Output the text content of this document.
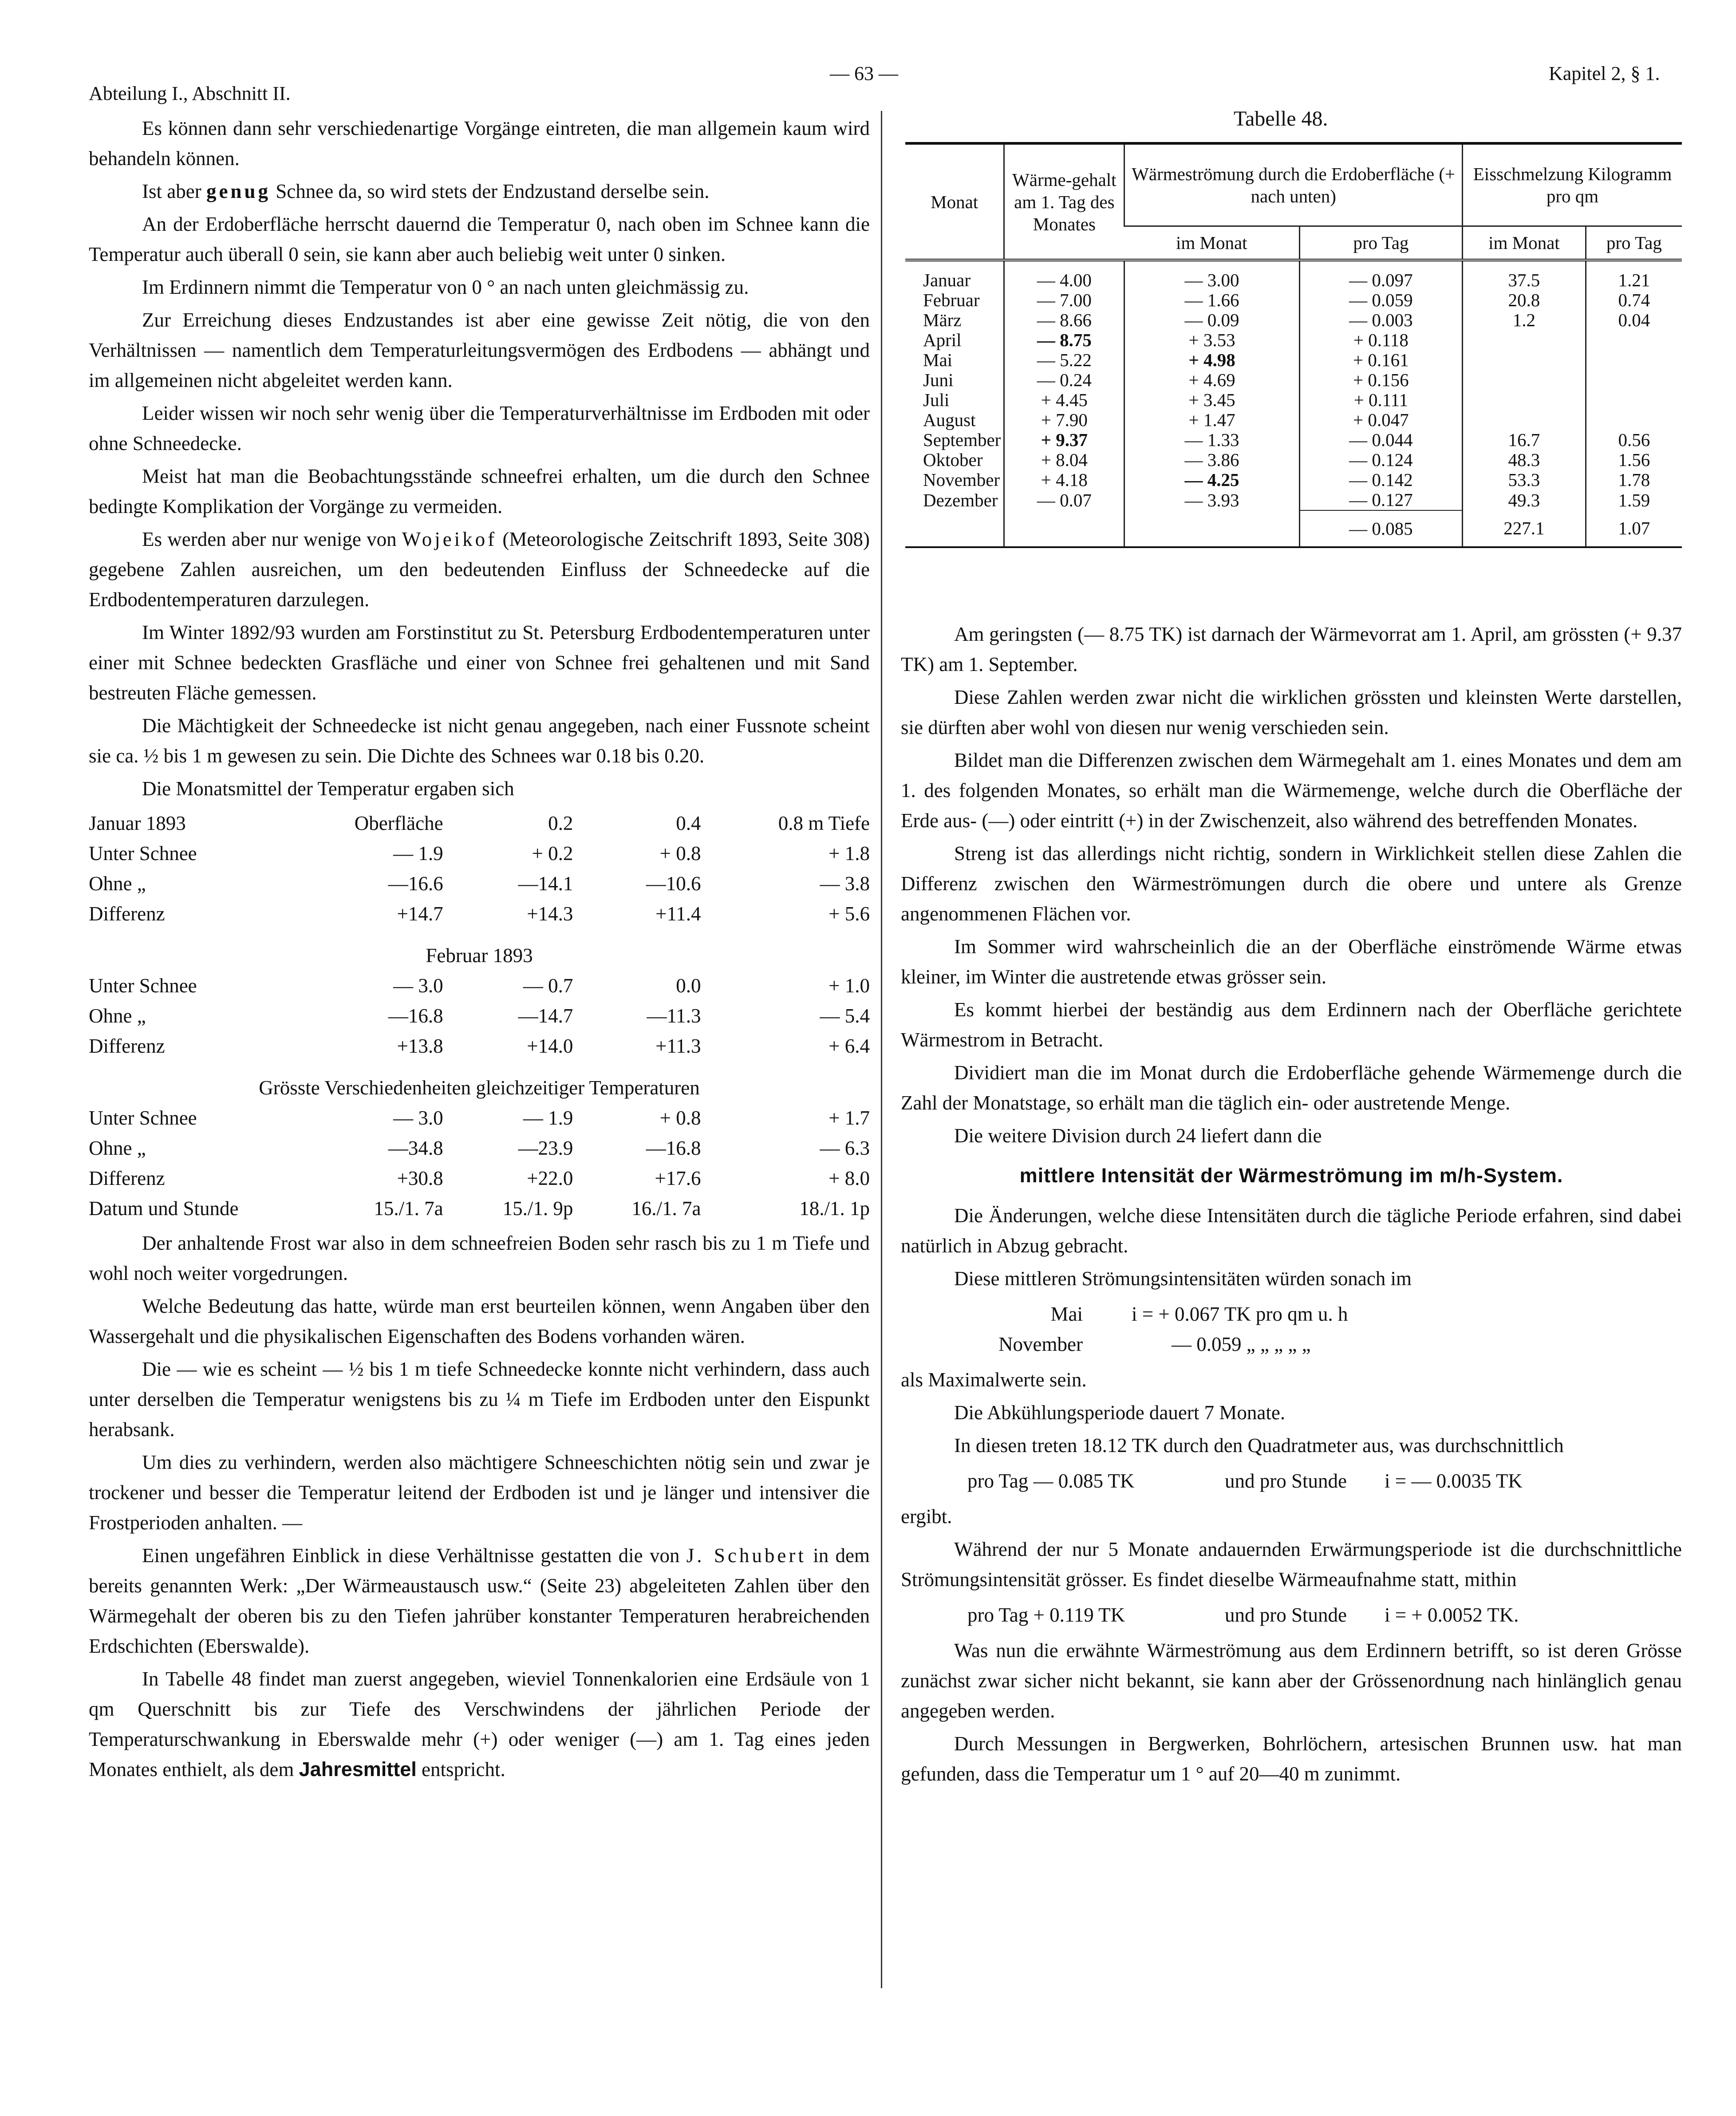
Abteilung I., Abschnitt II.
— 63 —	Kapitel 2, § 1.

Es können dann sehr verschiedenartige Vorgänge eintreten, die man allgemein kaum wird behandeln können.

Ist aber genug Schnee da, so wird stets der Endzustand derselbe sein.

An der Erdoberfläche herrscht dauernd die Temperatur 0, nach oben im Schnee kann die Temperatur auch überall 0 sein, sie kann aber auch beliebig weit unter 0 sinken.

Im Erdinnern nimmt die Temperatur von 0 ° an nach unten gleichmässig zu.

Zur Erreichung dieses Endzustandes ist aber eine gewisse Zeit nötig, die von den Verhältnissen — namentlich dem Temperaturleitungsvermögen des Erdbodens — abhängt und im allgemeinen nicht abgeleitet werden kann.

Leider wissen wir noch sehr wenig über die Temperaturverhältnisse im Erdboden mit oder ohne Schneedecke.

Meist hat man die Beobachtungsstände schneefrei erhalten, um die durch den Schnee bedingte Komplikation der Vorgänge zu vermeiden.

Es werden aber nur wenige von Wojeikof (Meteorologische Zeitschrift 1893, Seite 308) gegebene Zahlen ausreichen, um den bedeutenden Einfluss der Schneedecke auf die Erdbodentemperaturen darzulegen.

Im Winter 1892/93 wurden am Forstinstitut zu St. Petersburg Erdbodentemperaturen unter einer mit Schnee bedeckten Grasfläche und einer von Schnee frei gehaltenen und mit Sand bestreuten Fläche gemessen.

Die Mächtigkeit der Schneedecke ist nicht genau angegeben, nach einer Fussnote scheint sie ca. ½ bis 1 m gewesen zu sein. Die Dichte des Schnees war 0.18 bis 0.20.

Die Monatsmittel der Temperatur ergaben sich

Januar 1893	Oberfläche	0.2	0.4	0.8 m Tiefe
Unter Schnee	— 1.9	+ 0.2	+ 0.8	+ 1.8
Ohne „	—16.6	—14.1	—10.6	— 3.8
Differenz	+14.7	+14.3	+11.4	+ 5.6
Februar 1893				
Unter Schnee	— 3.0	— 0.7	0.0	+ 1.0
Ohne „	—16.8	—14.7	—11.3	— 5.4
Differenz	+13.8	+14.0	+11.3	+ 6.4
Grösste Verschiedenheiten gleichzeitiger Temperaturen				
Unter Schnee	— 3.0	— 1.9	+ 0.8	+ 1.7
Ohne „	—34.8	—23.9	—16.8	— 6.3
Differenz	+30.8	+22.0	+17.6	+ 8.0
Datum und Stunde	15./1. 7a	15./1. 9p	16./1. 7a	18./1. 1p

Der anhaltende Frost war also in dem schneefreien Boden sehr rasch bis zu 1 m Tiefe und wohl noch weiter vorgedrungen.

Welche Bedeutung das hatte, würde man erst beurteilen können, wenn Angaben über den Wassergehalt und die physikalischen Eigenschaften des Bodens vorhanden wären.

Die — wie es scheint — ½ bis 1 m tiefe Schneedecke konnte nicht verhindern, dass auch unter derselben die Temperatur wenigstens bis zu ¼ m Tiefe im Erdboden unter den Eispunkt herabsank.

Um dies zu verhindern, werden also mächtigere Schneeschichten nötig sein und zwar je trockener und besser die Temperatur leitend der Erdboden ist und je länger und intensiver die Frostperioden anhalten. —

Einen ungefähren Einblick in diese Verhältnisse gestatten die von J. Schubert in dem bereits genannten Werk: „Der Wärmeaustausch usw.“ (Seite 23) abgeleiteten Zahlen über den Wärmegehalt der oberen bis zu den Tiefen jahrüber konstanter Temperaturen herabreichenden Erdschichten (Eberswalde).

In Tabelle 48 findet man zuerst angegeben, wieviel Tonnenkalorien eine Erdsäule von 1 qm Querschnitt bis zur Tiefe des Verschwindens der jährlichen Periode der Temperaturschwankung in Eberswalde mehr (+) oder weniger (—) am 1. Tag eines jeden Monates enthielt, als dem Jahresmittel entspricht.

Tabelle 48.
Monat	Wärme-gehalt am 1. Tag des Monates	Wärmeströmung durch die Erdoberfläche (+ nach unten)		Eisschmelzung Kilogramm pro qm	
		im Monat	pro Tag	im Monat	pro Tag

Januar	— 4.00	— 3.00	— 0.097	37.5	1.21
Februar	— 7.00	— 1.66	— 0.059	20.8	0.74
März	— 8.66	— 0.09	— 0.003	1.2	0.04
April	— 8.75	+ 3.53	+ 0.118		
Mai	— 5.22	+ 4.98	+ 0.161		
Juni	— 0.24	+ 4.69	+ 0.156		
Juli	+ 4.45	+ 3.45	+ 0.111		
August	+ 7.90	+ 1.47	+ 0.047		
September	+ 9.37	— 1.33	— 0.044	16.7	0.56
Oktober	+ 8.04	— 3.86	— 0.124	48.3	1.56
November	+ 4.18	— 4.25	— 0.142	53.3	1.78
Dezember	— 0.07	— 3.93	— 0.127	49.3	1.59
			— 0.085	227.1	1.07

Am geringsten (— 8.75 TK) ist darnach der Wärmevorrat am 1. April, am grössten (+ 9.37 TK) am 1. September.

Diese Zahlen werden zwar nicht die wirklichen grössten und kleinsten Werte darstellen, sie dürften aber wohl von diesen nur wenig verschieden sein.

Bildet man die Differenzen zwischen dem Wärmegehalt am 1. eines Monates und dem am 1. des folgenden Monates, so erhält man die Wärmemenge, welche durch die Oberfläche der Erde aus- (—) oder eintritt (+) in der Zwischenzeit, also während des betreffenden Monates.

Streng ist das allerdings nicht richtig, sondern in Wirklichkeit stellen diese Zahlen die Differenz zwischen den Wärmeströmungen durch die obere und untere als Grenze angenommenen Flächen vor.

Im Sommer wird wahrscheinlich die an der Oberfläche einströmende Wärme etwas kleiner, im Winter die austretende etwas grösser sein.

Es kommt hierbei der beständig aus dem Erdinnern nach der Oberfläche gerichtete Wärmestrom in Betracht.

Dividiert man die im Monat durch die Erdoberfläche gehende Wärmemenge durch die Zahl der Monatstage, so erhält man die täglich ein- oder austretende Menge.

Die weitere Division durch 24 liefert dann die

mittlere Intensität der Wärmeströmung im m/h-System.

Die Änderungen, welche diese Intensitäten durch die tägliche Periode erfahren, sind dabei natürlich in Abzug gebracht.

Diese mittleren Strömungsintensitäten würden sonach im

Mai	i = + 0.067 TK pro qm u. h
November	— 0.059 „ „ „ „ „

als Maximalwerte sein.

Die Abkühlungsperiode dauert 7 Monate.

In diesen treten 18.12 TK durch den Quadratmeter aus, was durchschnittlich

pro Tag — 0.085 TK	und pro Stunde	i = — 0.0035 TK

ergibt.

Während der nur 5 Monate andauernden Erwärmungsperiode ist die durchschnittliche Strömungsintensität grösser. Es findet dieselbe Wärmeaufnahme statt, mithin

pro Tag + 0.119 TK	und pro Stunde	i = + 0.0052 TK.

Was nun die erwähnte Wärmeströmung aus dem Erdinnern betrifft, so ist deren Grösse zunächst zwar sicher nicht bekannt, sie kann aber der Grössenordnung nach hinlänglich genau angegeben werden.

Durch Messungen in Bergwerken, Bohrlöchern, artesischen Brunnen usw. hat man gefunden, dass die Temperatur um 1 ° auf 20—40 m zunimmt.
